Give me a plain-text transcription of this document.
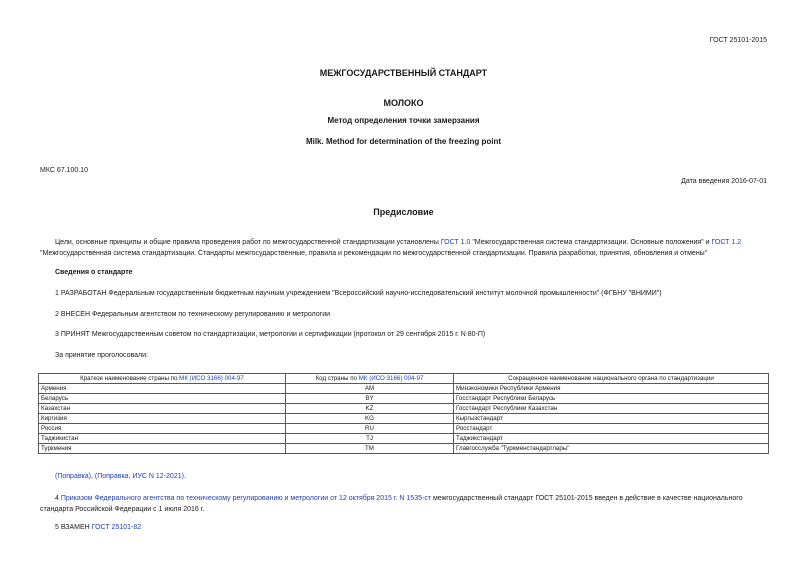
ГОСТ 25101-2015
МЕЖГОСУДАРСТВЕННЫЙ СТАНДАРТ
МОЛОКО
Метод определения точки замерзания
Milk. Method for determination of the freezing point
МКС 67.100.10
Дата введения 2016-07-01
Предисловие
Цели, основные принципы и общие правила проведения работ по межгосударственной стандартизации установлены ГОСТ 1.0 "Межгосударственная система стандартизации. Основные положения" и ГОСТ 1.2
"Межгосударственная система стандартизации. Стандарты межгосударственные, правила и рекомендации по межгосударственной стандартизации. Правила разработки, принятия, обновления и отмены"
Сведения о стандарте
1 РАЗРАБОТАН Федеральным государственным бюджетным научным учреждением "Всероссийский научно-исследовательский институт молочной промышленности" (ФГБНУ "ВНИМИ")
2 ВНЕСЕН Федеральным агентством по техническому регулированию и метрологии
3 ПРИНЯТ Межгосударственным советом по стандартизации, метрологии и сертификации (протокол от 29 сентября 2015 г. N 80-П)
За принятие проголосовали:
Краткое наименование страны по МК (ИСО 3166) 004-97	Код страны по МК (ИСО 3166) 004-97	Сокращенное наименование национального органа по стандартизации
Армения	AM	Минэкономики Республики Армения
Беларусь	BY	Госстандарт Республики Беларусь
Казахстан	KZ	Госстандарт Республики Казахстан
Киргизия	KG	Кыргызстандарт
Россия	RU	Росстандарт
Таджикистан	TJ	Таджикстандарт
Туркмения	TM	Главгосслужба "Туркменстандартлары"
(Поправка), (Поправка. ИУС N 12-2021).
4 Приказом Федерального агентства по техническому регулированию и метрологии от 12 октября 2015 г. N 1535-ст межгосударственный стандарт ГОСТ 25101-2015 введен в действие в качестве национального
стандарта Российской Федерации с 1 июля 2016 г.
5 ВЗАМЕН ГОСТ 25101-82
